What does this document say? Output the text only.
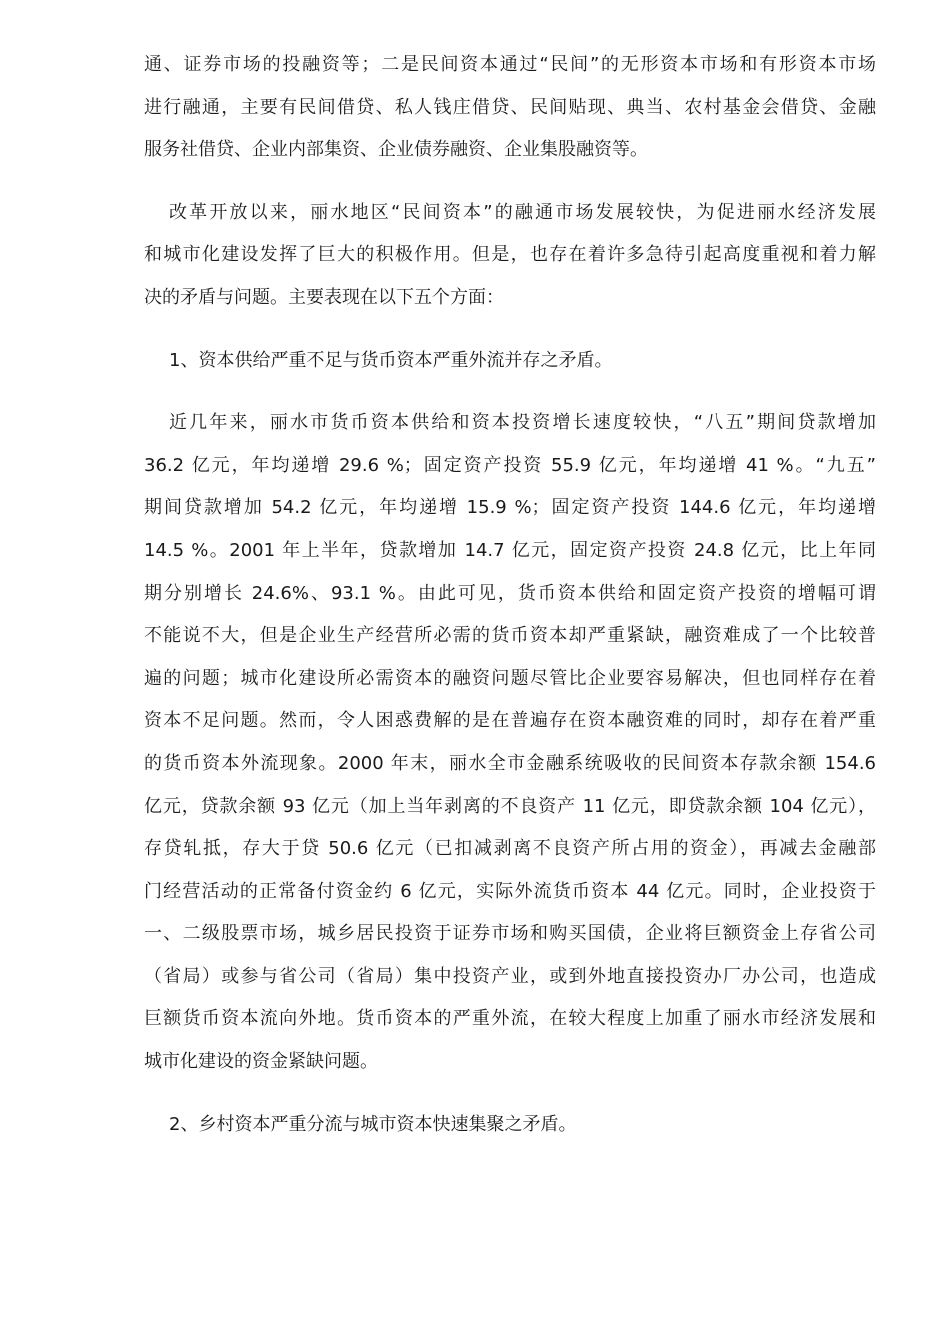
通、证券市场的投融资等；二是民间资本通过“民间”的无形资本市场和有形资本市场
进行融通，主要有民间借贷、私人钱庄借贷、民间贴现、典当、农村基金会借贷、金融
服务社借贷、企业内部集资、企业债券融资、企业集股融资等。
改革开放以来，丽水地区“民间资本”的融通市场发展较快，为促进丽水经济发展
和城市化建设发挥了巨大的积极作用。但是，也存在着许多急待引起高度重视和着力解
决的矛盾与问题。主要表现在以下五个方面：
1、资本供给严重不足与货币资本严重外流并存之矛盾。
近几年来，丽水市货币资本供给和资本投资增长速度较快，“八五”期间贷款增加
36.2 亿元，年均递增 29.6 %；固定资产投资 55.9 亿元，年均递增 41 %。“九五”
期间贷款增加 54.2 亿元，年均递增 15.9 %；固定资产投资 144.6 亿元，年均递增
14.5 %。2001 年上半年，贷款增加 14.7 亿元，固定资产投资 24.8 亿元，比上年同
期分别增长 24.6%、93.1 %。由此可见，货币资本供给和固定资产投资的增幅可谓
不能说不大，但是企业生产经营所必需的货币资本却严重紧缺，融资难成了一个比较普
遍的问题；城市化建设所必需资本的融资问题尽管比企业要容易解决，但也同样存在着
资本不足问题。然而，令人困惑费解的是在普遍存在资本融资难的同时，却存在着严重
的货币资本外流现象。2000 年末，丽水全市金融系统吸收的民间资本存款余额 154.6
亿元，贷款余额 93 亿元（加上当年剥离的不良资产 11 亿元，即贷款余额 104 亿元），
存贷轧抵，存大于贷 50.6 亿元（已扣减剥离不良资产所占用的资金），再减去金融部
门经营活动的正常备付资金约 6 亿元，实际外流货币资本 44 亿元。同时，企业投资于
一、二级股票市场，城乡居民投资于证券市场和购买国债，企业将巨额资金上存省公司
（省局）或参与省公司（省局）集中投资产业，或到外地直接投资办厂办公司，也造成
巨额货币资本流向外地。货币资本的严重外流，在较大程度上加重了丽水市经济发展和
城市化建设的资金紧缺问题。
2、乡村资本严重分流与城市资本快速集聚之矛盾。
